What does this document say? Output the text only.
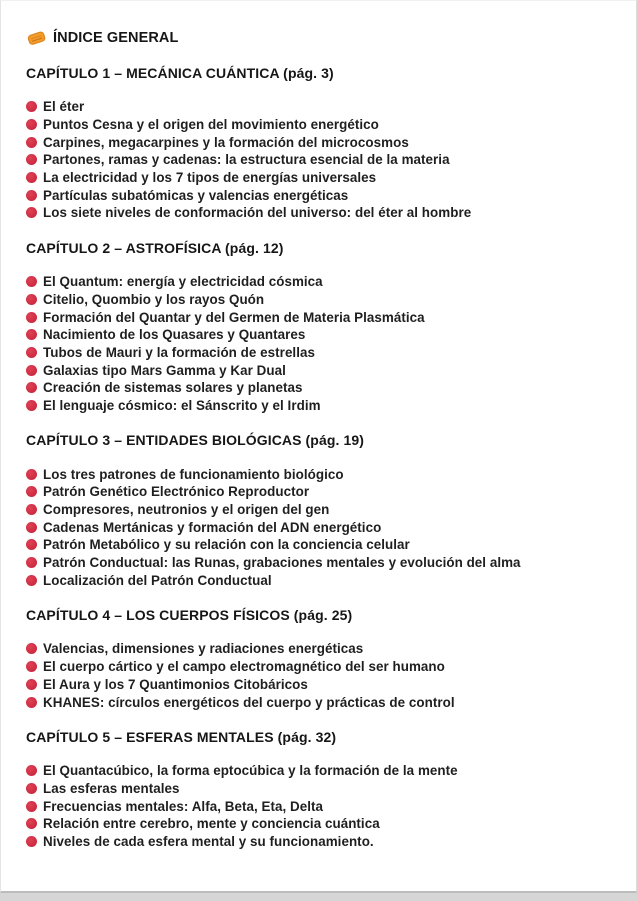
ÍNDICE GENERAL
CAPÍTULO 1 – MECÁNICA CUÁNTICA (pág. 3)
El éter
Puntos Cesna y el origen del movimiento energético
Carpines, megacarpines y la formación del microcosmos
Partones, ramas y cadenas: la estructura esencial de la materia
La electricidad y los 7 tipos de energías universales
Partículas subatómicas y valencias energéticas
Los siete niveles de conformación del universo: del éter al hombre
CAPÍTULO 2 – ASTROFÍSICA (pág. 12)
El Quantum: energía y electricidad cósmica
Citelio, Quombio y los rayos Quón
Formación del Quantar y del Germen de Materia Plasmática
Nacimiento de los Quasares y Quantares
Tubos de Mauri y la formación de estrellas
Galaxias tipo Mars Gamma y Kar Dual
Creación de sistemas solares y planetas
El lenguaje cósmico: el Sánscrito y el Irdim
CAPÍTULO 3 – ENTIDADES BIOLÓGICAS (pág. 19)
Los tres patrones de funcionamiento biológico
Patrón Genético Electrónico Reproductor
Compresores, neutronios y el origen del gen
Cadenas Mertánicas y formación del ADN energético
Patrón Metabólico y su relación con la conciencia celular
Patrón Conductual: las Runas, grabaciones mentales y evolución del alma
Localización del Patrón Conductual
CAPÍTULO 4 – LOS CUERPOS FÍSICOS (pág. 25)
Valencias, dimensiones y radiaciones energéticas
El cuerpo cártico y el campo electromagnético del ser humano
El Aura y los 7 Quantimonios Citobáricos
KHANES: círculos energéticos del cuerpo y prácticas de control
CAPÍTULO 5 – ESFERAS MENTALES (pág. 32)
El Quantacúbico, la forma eptocúbica y la formación de la mente
Las esferas mentales
Frecuencias mentales: Alfa, Beta, Eta, Delta
Relación entre cerebro, mente y conciencia cuántica
Niveles de cada esfera mental y su funcionamiento.
